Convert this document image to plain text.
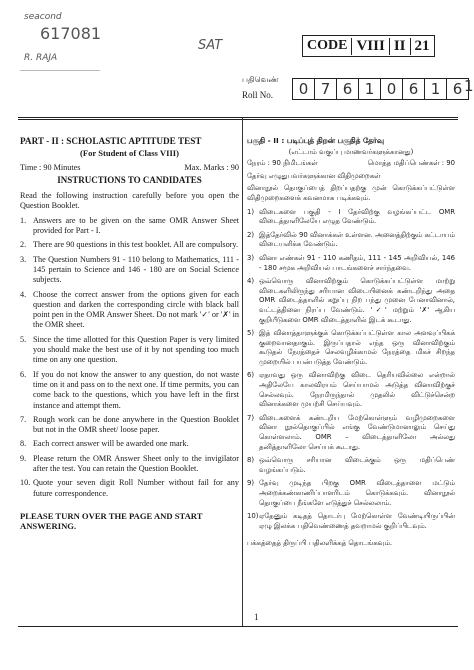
seacond
617081
R. RAJA
SAT	CODE VIII II 21
பதிவெண்
Roll No.	0 7 6 1 0 6 1 6 1
PART - II : SCHOLASTIC APTITUDE TEST
(For Student of Class VIII)
Time : 90 Minutes	Max. Marks : 90
INSTRUCTIONS TO CANDIDATES
Read the following instruction carefully before you open the Question Booklet.
1. Answers are to be given on the same OMR Answer Sheet provided for Part - I.
2. There are 90 questions in this test booklet. All are compulsory.
3. The Question Numbers 91 - 110 belong to Mathematics, 111 - 145 pertain to Science and 146 - 180 are on Social Science subjects.
4. Choose the correct answer from the options given for each question and darken the corresponding circle with black ball point pen in the OMR Answer Sheet. Do not mark '✓' or '✗' in the OMR sheet.
5. Since the time allotted for this Question Paper is very limited you should make the best use of it by not spending too much time on any one question.
6. If you do not know the answer to any question, do not waste time on it and pass on to the next one. If time permits, you can come back to the questions, which you have left in the first instance and attempt them.
7. Rough work can be done anywhere in the Question Booklet but not in the OMR sheet/ loose paper.
8. Each correct answer will be awarded one mark.
9. Please return the OMR Answer Sheet only to the invigilator after the test. You can retain the Question Booklet.
10. Quote your seven digit Roll Number without fail for any future correspondence.
PLEASE TURN OVER THE PAGE AND START ANSWERING.
பகுதி - II : படிப்புத் திறன் பகுதித் தேர்வு
(எட்டாம் வகுப்பு மாணவர்களுக்கானது)
நேரம் : 90 நிமிடங்கள்	மொத்த மதிப்பெண்கள் : 90
தேர்வு எழுதுபவர்களுக்கான விதிமுறைகள்
வினாநூல் தொகுப்பைத் திறப்பதற்கு முன் கொடுக்கப்பட்டுள்ள விதிமுறைகளைக் கவனமாக படிக்கவும்.
1) விடைகளை பகுதி - I தேர்விற்கு வழங்கப்பட்ட OMR விடைத்தாளிலேயே எழுத வேண்டும்.
2) இத்தேர்வில் 90 வினாக்கள் உள்ளன. அனைத்திற்கும் கட்டாயம் விடையளிக்க வேண்டும்.
3) வினா எண்கள் 91 - 110 கணிதம், 111 - 145 அறிவியல், 146 - 180 சமூக அறிவியல் பாடங்களைச் சார்ந்தவை.
4) ஒவ்வொரு வினாவிற்கும் கொடுக்கப்பட்டுள்ள மாற்று விடைகளிலிருந்து சரியான விடையினைக் கண்டறிந்து அதை OMR விடைத்தாளில் கறுப்பு நிற பந்து முனை பேனாவினால், வட்டத்தினை நிரப்ப வேண்டும். '✓' மற்றும் '✗' ஆகிய குறியீடுகளை OMR விடைத்தாளில் இடக் கூடாது.
5) இத் வினாத்தாளுக்குக் கொடுக்கப்பட்டுள்ள கால அளவுப்பிகக் குறைவானதாகும். இருப்பதால் எந்த ஒரு வினாவிற்கும் கூடுதல் நேரத்தைச் செலவழிக்காமல் நேரத்தை மிகச் சிறந்த முறையில் பயன்படுத்த வேண்டும்.
6) ஏதாவது ஒரு வினாவிற்கு விடை தெரியவில்லை என்றால் அதிலேயே காலவிரயம் செய்யாமல் அடுத்த வினாவிற்குச் செல்லவும். நேரமிருந்தால் முதலில் விட்டுச்சென்ற வினாக்களை முயற்சி செய்யவும்.
7) விடைகளைக் கண்டறிய மேற்கொள்ளும் வழிமுறைகளை வினா நூல்தொகுப்பில் எங்கு வேண்டுமானாலும் செய்து கொள்ளலாம். OMR – விடைத்தாளிலோ அல்லது தனித்தாளிலோ செய்யக் கூடாது.
8) ஒவ்வொரு சரியான விடைக்கும் ஒரு மதிப்பெண் வழங்கப்படும்.
9) தேர்வு முடிந்த பிறகு OMR விடைத்தாளை மட்டும் அறைக்கண்காணிப்பாளரிடம் கொடுக்கவும். வினாநூல் தொகுப்பை நீங்களே எடுத்துச் செல்லலாம்.
10) ஏதேனும் கடிதத் தொடர்பு மேற்கொள்ள வேண்டியிருப்பின் ஏழு இலக்க பதிவெண்ணைத் தவறாமல் குறிப்பிடவும்.
பக்கத்தைத் திருப்பி பதிலளிக்கத் தொடங்கவும்.
1
